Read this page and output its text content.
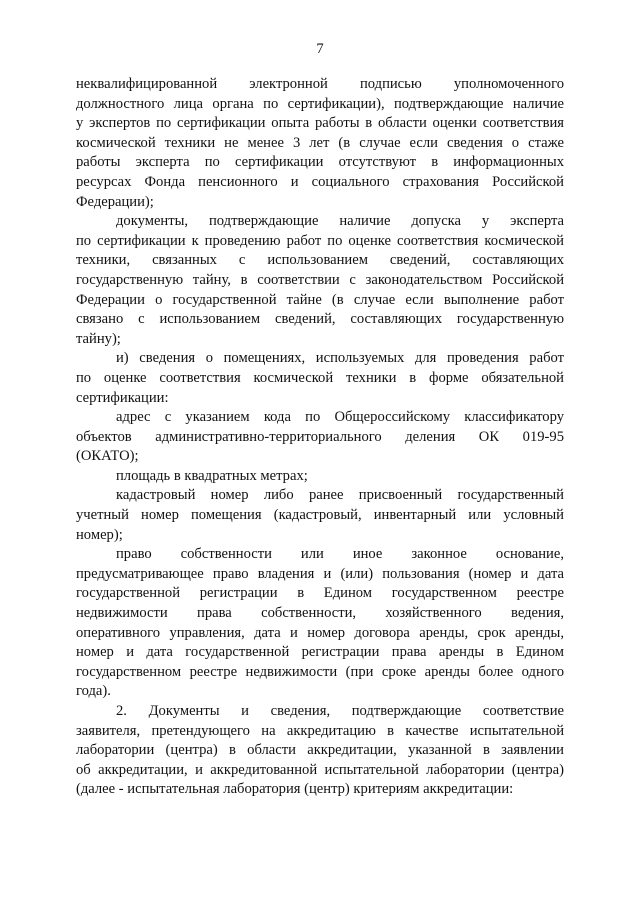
7
неквалифицированной электронной подписью уполномоченного
должностного лица органа по сертификации), подтверждающие наличие
у экспертов по сертификации опыта работы в области оценки соответствия
космической техники не менее 3 лет (в случае если сведения о стаже
работы эксперта по сертификации отсутствуют в информационных
ресурсах Фонда пенсионного и социального страхования Российской
Федерации);
документы, подтверждающие наличие допуска у эксперта
по сертификации к проведению работ по оценке соответствия космической
техники, связанных с использованием сведений, составляющих
государственную тайну, в соответствии с законодательством Российской
Федерации о государственной тайне (в случае если выполнение работ
связано с использованием сведений, составляющих государственную
тайну);
и) сведения о помещениях, используемых для проведения работ
по оценке соответствия космической техники в форме обязательной
сертификации:
адрес с указанием кода по Общероссийскому классификатору
объектов административно-территориального деления ОК 019-95
(ОКАТО);
площадь в квадратных метрах;
кадастровый номер либо ранее присвоенный государственный
учетный номер помещения (кадастровый, инвентарный или условный
номер);
право собственности или иное законное основание,
предусматривающее право владения и (или) пользования (номер и дата
государственной регистрации в Едином государственном реестре
недвижимости права собственности, хозяйственного ведения,
оперативного управления, дата и номер договора аренды, срок аренды,
номер и дата государственной регистрации права аренды в Едином
государственном реестре недвижимости (при сроке аренды более одного
года).
2. Документы и сведения, подтверждающие соответствие
заявителя, претендующего на аккредитацию в качестве испытательной
лаборатории (центра) в области аккредитации, указанной в заявлении
об аккредитации, и аккредитованной испытательной лаборатории (центра)
(далее - испытательная лаборатория (центр) критериям аккредитации:
